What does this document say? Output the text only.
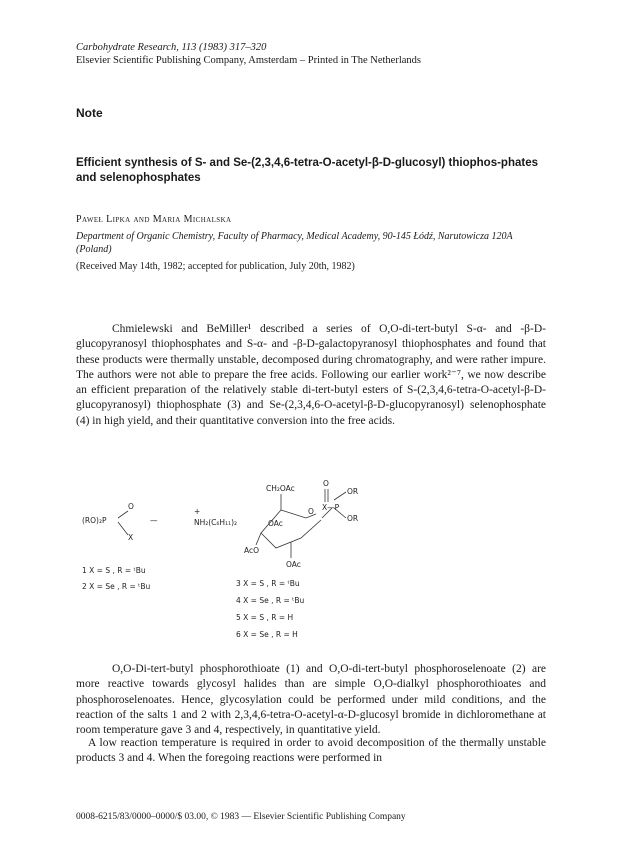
Carbohydrate Research, 113 (1983) 317–320
Elsevier Scientific Publishing Company, Amsterdam – Printed in The Netherlands
Note
Efficient synthesis of S- and Se-(2,3,4,6-tetra-O-acetyl-β-D-glucosyl) thiophos-phates and selenophosphates
Paweł Lipka and Maria Michalska
Department of Organic Chemistry, Faculty of Pharmacy, Medical Academy, 90-145 Łódź, Narutowicza 120A (Poland)
(Received May 14th, 1982; accepted for publication, July 20th, 1982)
Chmielewski and BeMiller¹ described a series of O,O-di-tert-butyl S-α- and -β-D-glucopyranosyl thiophosphates and S-α- and -β-D-galactopyranosyl thiophosphates and found that these products were thermally unstable, decomposed during chromatography, and were rather impure. The authors were not able to prepare the free acids. Following our earlier work²⁻⁷, we now describe an efficient preparation of the relatively stable di-tert-butyl esters of S-(2,3,4,6-tetra-O-acetyl-β-D-glucopyranosyl) thiophosphate (3) and Se-(2,3,4,6-O-acetyl-β-D-glucopyranosyl) selenophosphate (4) in high yield, and their quantitative conversion into the free acids.
(RO)₂P
O
X
—	NH₂(C₆H₁₁)₂
+
CH₂OAc
O
OAc
AcO
OAc
X—P
O
OR
OR
1 X = S , R = ᵗBu
2 X = Se , R = ᵗBu	3 X = S , R = ᵗBu
4 X = Se , R = ᵗBu
5 X = S , R = H
6 X = Se , R = H
O,O-Di-tert-butyl phosphorothioate (1) and O,O-di-tert-butyl phosphoroselenoate (2) are more reactive towards glycosyl halides than are simple O,O-dialkyl phosphorothioates and phosphoroselenoates. Hence, glycosylation could be performed under mild conditions, and the reaction of the salts 1 and 2 with 2,3,4,6-tetra-O-acetyl-α-D-glucosyl bromide in dichloromethane at room temperature gave 3 and 4, respectively, in quantitative yield.
A low reaction temperature is required in order to avoid decomposition of the thermally unstable products 3 and 4. When the foregoing reactions were performed in
0008-6215/83/0000–0000/$ 03.00, © 1983 — Elsevier Scientific Publishing Company
